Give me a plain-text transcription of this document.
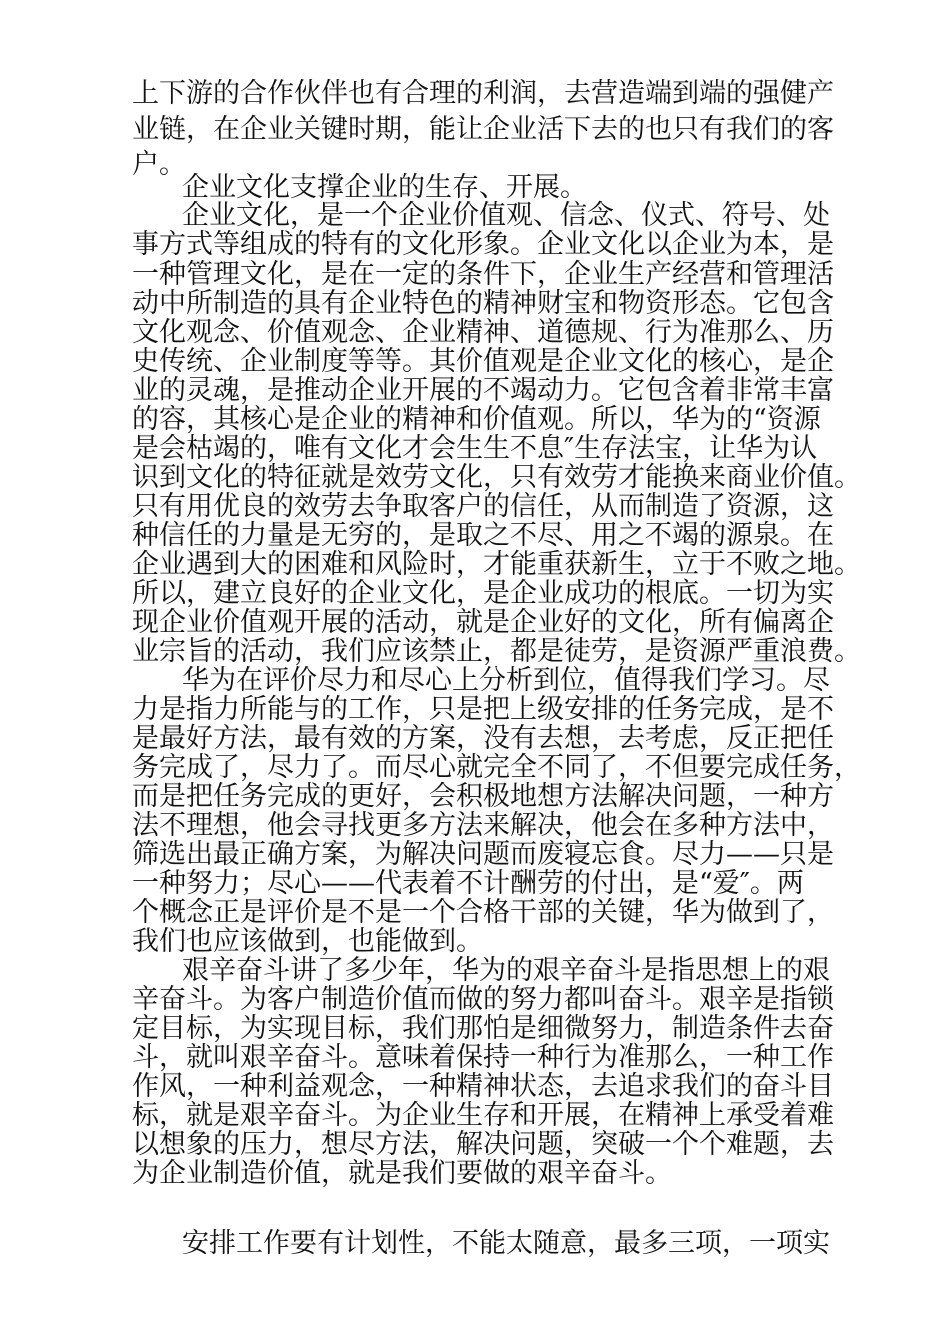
上下游的合作伙伴也有合理的利润，去营造端到端的强健产
业链，在企业关键时期，能让企业活下去的也只有我们的客
户。
企业文化支撑企业的生存、开展。
企业文化，是一个企业价值观、信念、仪式、符号、处
事方式等组成的特有的文化形象。企业文化以企业为本，是
一种管理文化，是在一定的条件下，企业生产经营和管理活
动中所制造的具有企业特色的精神财宝和物资形态。它包含
文化观念、价值观念、企业精神、道德规、行为准那么、历
史传统、企业制度等等。其价值观是企业文化的核心，是企
业的灵魂，是推动企业开展的不竭动力。它包含着非常丰富
的容，其核心是企业的精神和价值观。所以，华为的“资源
是会枯竭的，唯有文化才会生生不息″生存法宝，让华为认
识到文化的特征就是效劳文化，只有效劳才能换来商业价值。
只有用优良的效劳去争取客户的信任，从而制造了资源，这
种信任的力量是无穷的，是取之不尽、用之不竭的源泉。在
企业遇到大的困难和风险时，才能重获新生，立于不败之地。
所以，建立良好的企业文化，是企业成功的根底。一切为实
现企业价值观开展的活动，就是企业好的文化，所有偏离企
业宗旨的活动，我们应该禁止，都是徒劳，是资源严重浪费。
华为在评价尽力和尽心上分析到位，值得我们学习。尽
力是指力所能与的工作，只是把上级安排的任务完成，是不
是最好方法，最有效的方案，没有去想，去考虑，反正把任
务完成了，尽力了。而尽心就完全不同了，不但要完成任务，
而是把任务完成的更好，会积极地想方法解决问题，一种方
法不理想，他会寻找更多方法来解决，他会在多种方法中，
筛选出最正确方案，为解决问题而废寝忘食。尽力——只是
一种努力；尽心——代表着不计酬劳的付出，是“爱″。两
个概念正是评价是不是一个合格干部的关键，华为做到了，
我们也应该做到，也能做到。
艰辛奋斗讲了多少年，华为的艰辛奋斗是指思想上的艰
辛奋斗。为客户制造价值而做的努力都叫奋斗。艰辛是指锁
定目标，为实现目标，我们那怕是细微努力，制造条件去奋
斗，就叫艰辛奋斗。意味着保持一种行为准那么，一种工作
作风，一种利益观念，一种精神状态，去追求我们的奋斗目
标，就是艰辛奋斗。为企业生存和开展，在精神上承受着难
以想象的压力，想尽方法，解决问题，突破一个个难题，去
为企业制造价值，就是我们要做的艰辛奋斗。
安排工作要有计划性，不能太随意，最多三项，一项实
